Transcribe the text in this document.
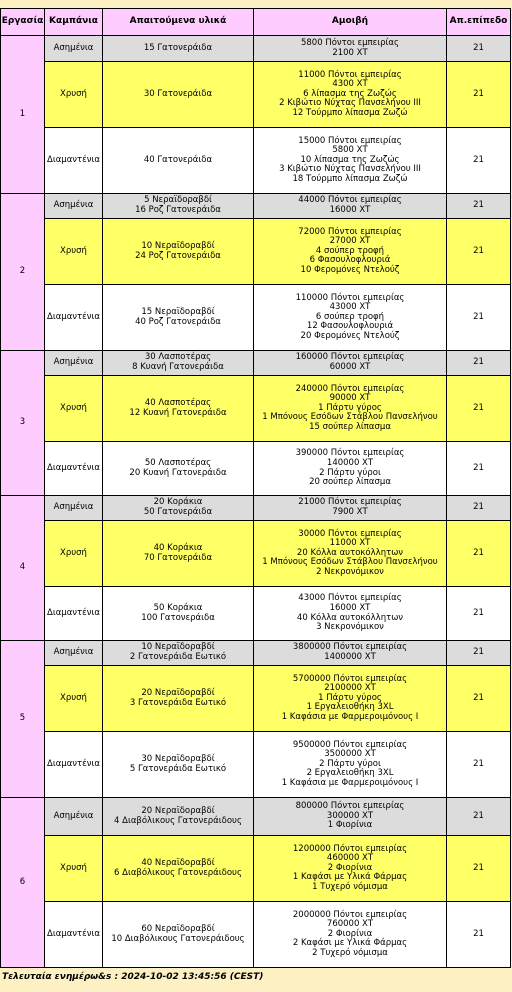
Εργασία	Καμπάνια	Απαιτούμενα υλικά	Αμοιβή	Απ.επίπεδο
1	Ασημένια	15 Γατονεράιδα	5800 Πόντοι εμπειρίας
2100 ΧΤ	21
	Χρυσή	30 Γατονεράιδα	11000 Πόντοι εμπειρίας
4300 ΧΤ
6 λίπασμα της Ζωζώς
2 Κιβώτιο Νύχτας Πανσελήνου ΙΙΙ
12 Τούρμπο λίπασμα Ζωζώ	21
	Διαμαντένια	40 Γατονεράιδα	15000 Πόντοι εμπειρίας
5800 ΧΤ
10 λίπασμα της Ζωζώς
3 Κιβώτιο Νύχτας Πανσελήνου ΙΙΙ
18 Τούρμπο λίπασμα Ζωζώ	21
2	Ασημένια	5 Νεραϊδοραβδί
16 Ροζ Γατονεράιδα	44000 Πόντοι εμπειρίας
16000 ΧΤ	21
	Χρυσή	10 Νεραϊδοραβδί
24 Ροζ Γατονεράιδα	72000 Πόντοι εμπειρίας
27000 ΧΤ
4 σούπερ τροφή
6 Φασουλοφλουριά
10 Φερομόνες Ντελούζ	21
	Διαμαντένια	15 Νεραϊδοραβδί
40 Ροζ Γατονεράιδα	110000 Πόντοι εμπειρίας
43000 ΧΤ
6 σούπερ τροφή
12 Φασουλοφλουριά
20 Φερομόνες Ντελούζ	21
3	Ασημένια	30 Λασποτέρας
8 Κυανή Γατονεράιδα	160000 Πόντοι εμπειρίας
60000 ΧΤ	21
	Χρυσή	40 Λασποτέρας
12 Κυανή Γατονεράιδα	240000 Πόντοι εμπειρίας
90000 ΧΤ
1 Πάρτυ γύρος
1 Μπόνους Εσόδων Στάβλου Πανσελήνου
15 σούπερ λίπασμα	21
	Διαμαντένια	50 Λασποτέρας
20 Κυανή Γατονεράιδα	390000 Πόντοι εμπειρίας
140000 ΧΤ
2 Πάρτυ γύροι
20 σούπερ λίπασμα	21
4	Ασημένια	20 Κοράκια
50 Γατονεράιδα	21000 Πόντοι εμπειρίας
7900 ΧΤ	21
	Χρυσή	40 Κοράκια
70 Γατονεράιδα	30000 Πόντοι εμπειρίας
11000 ΧΤ
20 Κόλλα αυτοκόλλητων
1 Μπόνους Εσόδων Στάβλου Πανσελήνου
2 Νεκρονόμικον	21
	Διαμαντένια	50 Κοράκια
100 Γατονεράιδα	43000 Πόντοι εμπειρίας
16000 ΧΤ
40 Κόλλα αυτοκόλλητων
3 Νεκρονόμικον	21
5	Ασημένια	10 Νεραϊδοραβδί
2 Γατονεράιδα Εωτικό	3800000 Πόντοι εμπειρίας
1400000 ΧΤ	21
	Χρυσή	20 Νεραϊδοραβδί
3 Γατονεράιδα Εωτικό	5700000 Πόντοι εμπειρίας
2100000 ΧΤ
1 Πάρτυ γύρος
1 Εργαλειοθήκη 3XL
1 Καφάσια με Φαρμεροιμόνους Ι	21
	Διαμαντένια	30 Νεραϊδοραβδί
5 Γατονεράιδα Εωτικό	9500000 Πόντοι εμπειρίας
3500000 ΧΤ
2 Πάρτυ γύροι
2 Εργαλειοθήκη 3XL
1 Καφάσια με Φαρμεροιμόνους Ι	21
6	Ασημένια	20 Νεραϊδοραβδί
4 Διαβόλικους Γατονεράιδους	800000 Πόντοι εμπειρίας
300000 ΧΤ
1 Φιορίνια	21
	Χρυσή	40 Νεραϊδοραβδί
6 Διαβόλικους Γατονεράιδους	1200000 Πόντοι εμπειρίας
460000 ΧΤ
2 Φιορίνια
1 Καφάσι με Υλικά Φάρμας
1 Τυχερό νόμισμα	21
	Διαμαντένια	60 Νεραϊδοραβδί
10 Διαβόλικους Γατονεράιδους	2000000 Πόντοι εμπειρίας
760000 ΧΤ
2 Φιορίνια
2 Καφάσι με Υλικά Φάρμας
2 Τυχερό νόμισμα	21
Τελευταία ενημέρω&s : 2024-10-02 13:45:56 (CEST)
